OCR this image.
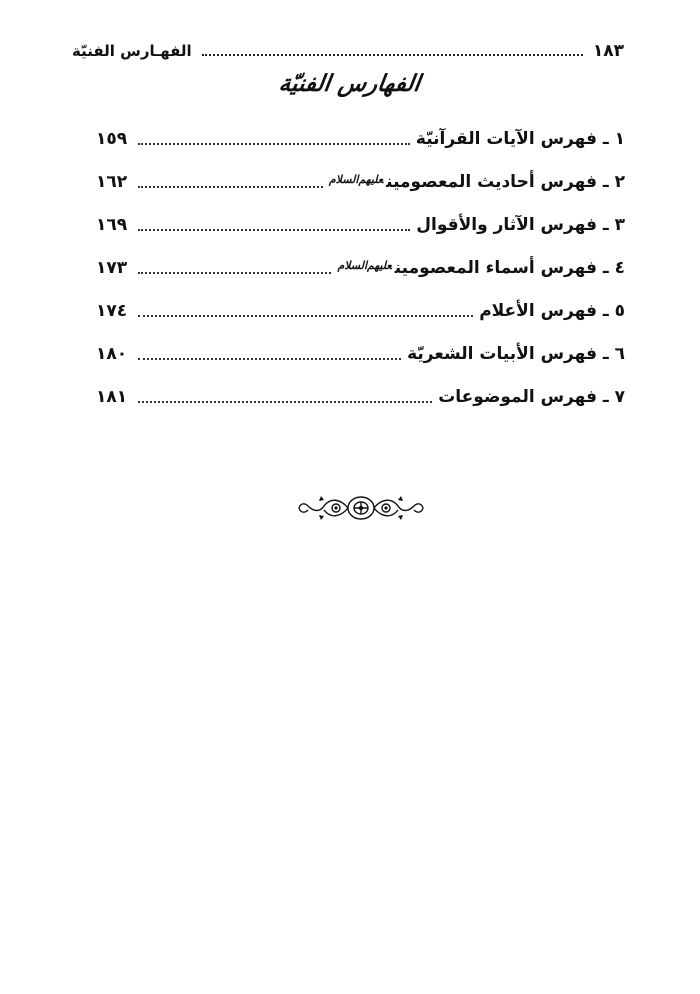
الفهـارس الفنيّة	١٨٣
الفهارس الفنيّة
١ ـ فهرس الآيات القرآنيّة
١٥٩
٢ ـ فهرس أحاديث المعصومين$^{عليهم‌السلام}$
١٦٢
٣ ـ فهرس الآثار والأقوال
١٦٩
٤ ـ فهرس أسماء المعصومين$^{عليهم‌السلام}$
١٧٣
٥ ـ فهرس الأعلام
١٧٤
٦ ـ فهرس الأبيات الشعريّة
١٨٠
٧ ـ فهرس الموضوعات
١٨١
